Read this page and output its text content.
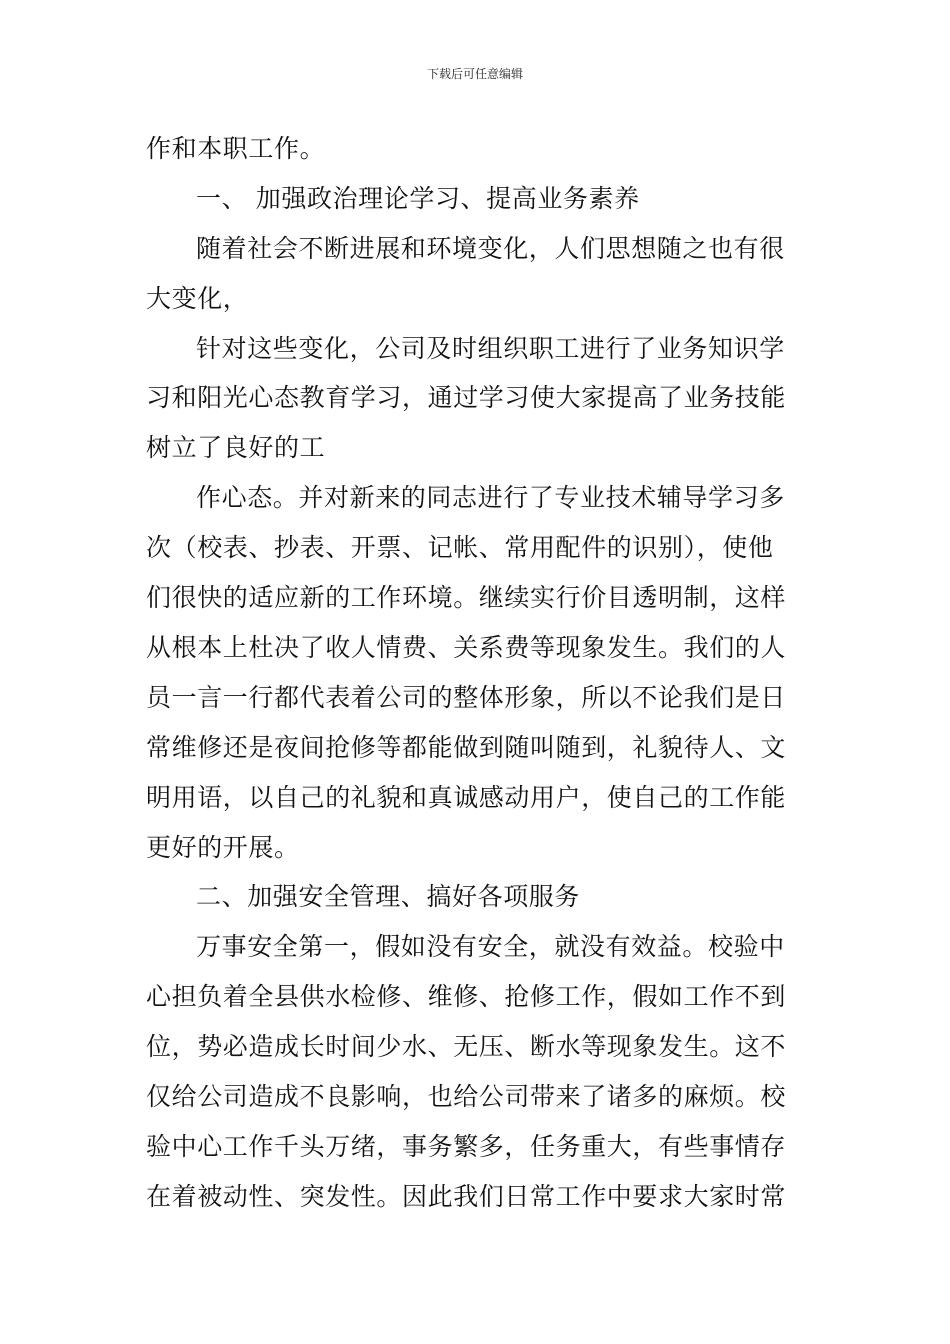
下载后可任意编辑
作和本职工作。
一、 加强政治理论学习、提高业务素养
随着社会不断进展和环境变化，人们思想随之也有很
大变化，
针对这些变化，公司及时组织职工进行了业务知识学
习和阳光心态教育学习，通过学习使大家提高了业务技能
树立了良好的工
作心态。并对新来的同志进行了专业技术辅导学习多
次（校表、抄表、开票、记帐、常用配件的识别），使他
们很快的适应新的工作环境。继续实行价目透明制，这样
从根本上杜决了收人情费、关系费等现象发生。我们的人
员一言一行都代表着公司的整体形象，所以不论我们是日
常维修还是夜间抢修等都能做到随叫随到，礼貌待人、文
明用语，以自己的礼貌和真诚感动用户，使自己的工作能
更好的开展。
二、加强安全管理、搞好各项服务
万事安全第一，假如没有安全，就没有效益。校验中
心担负着全县供水检修、维修、抢修工作，假如工作不到
位，势必造成长时间少水、无压、断水等现象发生。这不
仅给公司造成不良影响，也给公司带来了诸多的麻烦。校
验中心工作千头万绪，事务繁多，任务重大，有些事情存
在着被动性、突发性。因此我们日常工作中要求大家时常
